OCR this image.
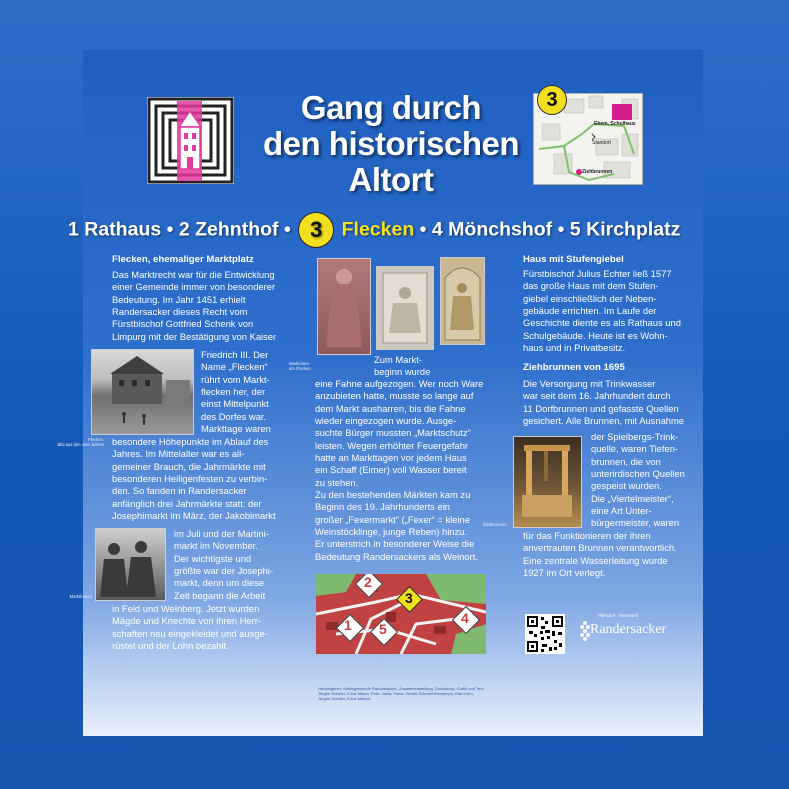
Gang durch
den historischen
Altort
Ehem. Schulhaus
Standort
Ziehbrunnen
3
1 Rathaus • 2 Zehnthof • 3 Flecken • 4 Mönchshof • 5 Kirchplatz
Flecken, ehemaliger Marktplatz
Das Marktrecht war für die Entwicklung
einer Gemeinde immer von besonderer
Bedeutung. Im Jahr 1451 erhielt
Randersacker dieses Recht vom
Fürstbischof Gottfried Schenk von
Limpurg mit der Bestätigung von Kaiser
Flecken,
Bild aus den 40er Jahren
Friedrich III. Der
Name „Flecken“
rührt vom Markt-
flecken her, der
einst Mittelpunkt
des Dorfes war.
Markttage waren
besondere Höhepunkte im Ablauf des
Jahres. Im Mittelalter war es all-
gemeiner Brauch, die Jahrmärkte mit
besonderen Heiligenfesten zu verbin-
den. So fanden in Randersacker
anfänglich drei Jahrmärkte statt: der
Josephimarkt im März, der Jakobimarkt
Marktfrauen
im Juli und der Martini-
markt im November.
Der wichtigste und
größte war der Josephi-
markt, denn um diese
Zeit begann die Arbeit
in Feld und Weinberg. Jetzt wurden
Mägde und Knechte von ihren Herr-
schaften neu eingekleidet und ausge-
rüstet und der Lohn bezahlt.
Madonnen
am Flecken
Zum Markt-
beginn wurde
eine Fahne aufgezogen. Wer noch Ware
anzubieten hatte, musste so lange auf
dem Markt ausharren, bis die Fahne
wieder eingezogen wurde. Ausge-
suchte Bürger mussten „Marktschutz“
leisten. Wegen erhöhter Feuergefahr
hatte an Markttagen vor jedem Haus
ein Schaff (Eimer) voll Wasser bereit
zu stehen.
Zu den bestehenden Märkten kam zu
Beginn des 19. Jahrhunderts ein
großer „Fexermarkt“ („Fexer“ = kleine
Weinstöcklinge, junge Reben) hinzu.
Er unterstrich in besonderer Weise die
Bedeutung Randersackers als Weinort.
1
2
3
4
5
Haus mit Stufengiebel
Fürstbischof Julius Echter ließ 1577
das große Haus mit dem Stufen-
giebel einschließlich der Neben-
gebäude errichten. Im Laufe der
Geschichte diente es als Rathaus und
Schulgebäude. Heute ist es Wohn-
haus und in Privatbesitz.
Ziehbrunnen von 1695
Die Versorgung mit Trinkwasser
war seit dem 16. Jahrhundert durch
11 Dorfbrunnen und gefasste Quellen
gesichert. Alle Brunnen, mit Ausnahme
Ziehbrunnen
der Spielbergs-Trink-
quelle, waren Tiefen-
brunnen, die von
unterirdischen Quellen
gespeist wurden.
Die „Viertelmeister“,
eine Art Unter-
bürgermeister, waren
für das Funktionieren der ihren
anvertrauten Brunnen verantwortlich.
Eine zentrale Wasserleitung wurde
1927 im Ort verlegt.
Pilzsdorf · Netzwerk
Randersacker
Herausgeber: Marktgemeinde Randersacker, Zusammenstellung, Gestaltung, Grafik und Text:
Jürgen Schäfer, Ernst Meuer, Peter Jaeta, Fotos: Scheb-Schneer/Meisterpin, Ralf Kuhn,
Jürgen Schäfer, Ernst Meuert
